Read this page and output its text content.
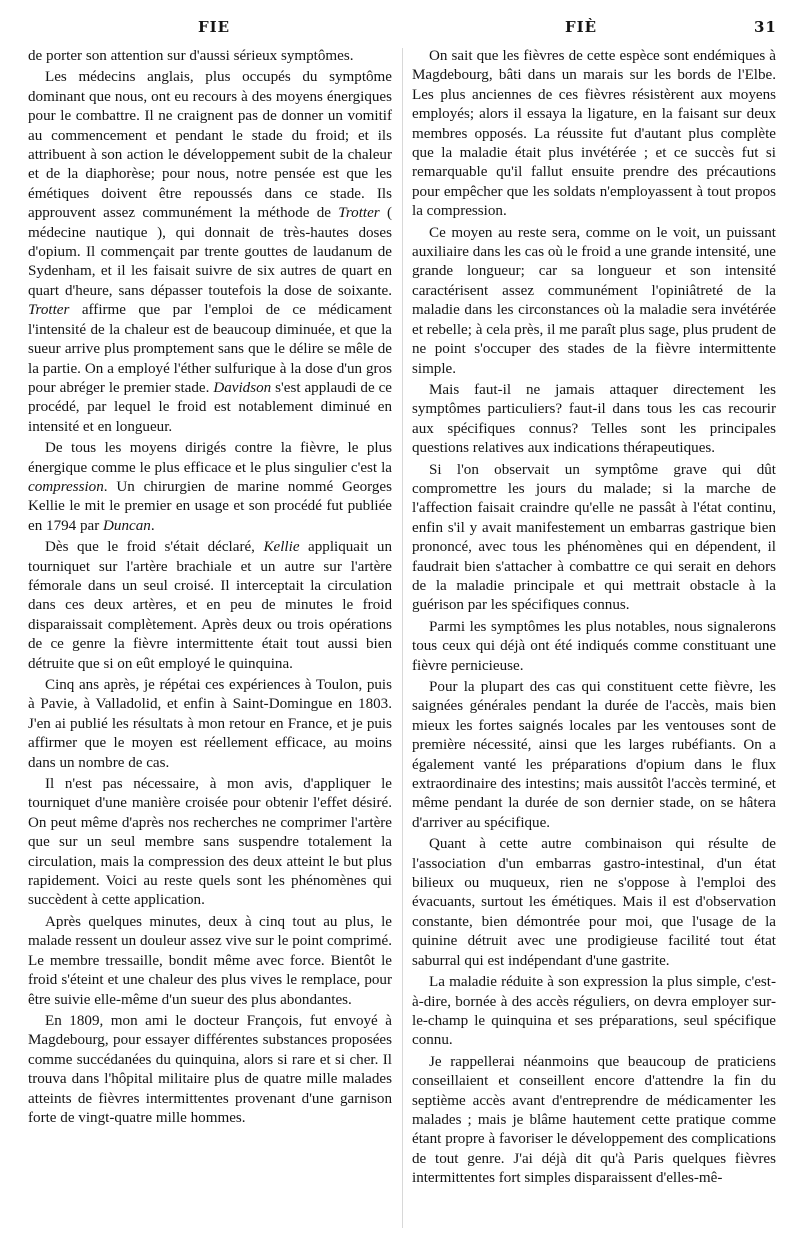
FIE	FIÈ	31

de porter son attention sur d'aussi sérieux symptômes.

Les médecins anglais, plus occupés du symptôme dominant que nous, ont eu recours à des moyens énergiques pour le combattre. Il ne craignent pas de donner un vomitif au commencement et pendant le stade du froid; et ils attribuent à son action le développement subit de la chaleur et de la diaphorèse; pour nous, notre pensée est que les émétiques doivent être repoussés dans ce stade. Ils approuvent assez communément la méthode de Trotter ( médecine nautique ), qui donnait de très-hautes doses d'opium. Il commençait par trente gouttes de laudanum de Sydenham, et il les faisait suivre de six autres de quart en quart d'heure, sans dépasser toutefois la dose de soixante. Trotter affirme que par l'emploi de ce médicament l'intensité de la chaleur est de beaucoup diminuée, et que la sueur arrive plus promptement sans que le délire se mêle de la partie. On a employé l'éther sulfurique à la dose d'un gros pour abréger le premier stade. Davidson s'est applaudi de ce procédé, par lequel le froid est notablement diminué en intensité et en longueur.

De tous les moyens dirigés contre la fièvre, le plus énergique comme le plus efficace et le plus singulier c'est la compression. Un chirurgien de marine nommé Georges Kellie le mit le premier en usage et son procédé fut publiée en 1794 par Duncan.

Dès que le froid s'était déclaré, Kellie appliquait un tourniquet sur l'artère brachiale et un autre sur l'artère fémorale dans un seul croisé. Il interceptait la circulation dans ces deux artères, et en peu de minutes le froid disparaissait complètement. Après deux ou trois opérations de ce genre la fièvre intermittente était tout aussi bien détruite que si on eût employé le quinquina.

Cinq ans après, je répétai ces expériences à Toulon, puis à Pavie, à Valladolid, et enfin à Saint-Domingue en 1803. J'en ai publié les résultats à mon retour en France, et je puis affirmer que le moyen est réellement efficace, au moins dans un nombre de cas.

Il n'est pas nécessaire, à mon avis, d'appliquer le tourniquet d'une manière croisée pour obtenir l'effet désiré. On peut même d'après nos recherches ne comprimer l'artère que sur un seul membre sans suspendre totalement la circulation, mais la compression des deux atteint le but plus rapidement. Voici au reste quels sont les phénomènes qui succèdent à cette application.

Après quelques minutes, deux à cinq tout au plus, le malade ressent un douleur assez vive sur le point comprimé. Le membre tressaille, bondit même avec force. Bientôt le froid s'éteint et une chaleur des plus vives le remplace, pour être suivie elle-même d'un sueur des plus abondantes.

En 1809, mon ami le docteur François, fut envoyé à Magdebourg, pour essayer différentes substances proposées comme succédanées du quinquina, alors si rare et si cher. Il trouva dans l'hôpital militaire plus de quatre mille malades atteints de fièvres intermittentes provenant d'une garnison forte de vingt-quatre mille hommes.

On sait que les fièvres de cette espèce sont endémiques à Magdebourg, bâti dans un marais sur les bords de l'Elbe. Les plus anciennes de ces fièvres résistèrent aux moyens employés; alors il essaya la ligature, en la faisant sur deux membres opposés. La réussite fut d'autant plus complète que la maladie était plus invétérée ; et ce succès fut si remarquable qu'il fallut ensuite prendre des précautions pour empêcher que les soldats n'employassent à tout propos la compression.

Ce moyen au reste sera, comme on le voit, un puissant auxiliaire dans les cas où le froid a une grande intensité, une grande longueur; car sa longueur et son intensité caractérisent assez communément l'opiniâtreté de la maladie dans les circonstances où la maladie sera invétérée et rebelle; à cela près, il me paraît plus sage, plus prudent de ne point s'occuper des stades de la fièvre intermittente simple.

Mais faut-il ne jamais attaquer directement les symptômes particuliers? faut-il dans tous les cas recourir aux spécifiques connus? Telles sont les principales questions relatives aux indications thérapeutiques.

Si l'on observait un symptôme grave qui dût compromettre les jours du malade; si la marche de l'affection faisait craindre qu'elle ne passât à l'état continu, enfin s'il y avait manifestement un embarras gastrique bien prononcé, avec tous les phénomènes qui en dépendent, il faudrait bien s'attacher à combattre ce qui serait en dehors de la maladie principale et qui mettrait obstacle à la guérison par les spécifiques connus.

Parmi les symptômes les plus notables, nous signalerons tous ceux qui déjà ont été indiqués comme constituant une fièvre pernicieuse.

Pour la plupart des cas qui constituent cette fièvre, les saignées générales pendant la durée de l'accès, mais bien mieux les fortes saignés locales par les ventouses sont de première nécessité, ainsi que les larges rubéfiants. On a également vanté les préparations d'opium dans le flux extraordinaire des intestins; mais aussitôt l'accès terminé, et même pendant la durée de son dernier stade, on se hâtera d'arriver au spécifique.

Quant à cette autre combinaison qui résulte de l'association d'un embarras gastro-intestinal, d'un état bilieux ou muqueux, rien ne s'oppose à l'emploi des évacuants, surtout les émétiques. Mais il est d'observation constante, bien démontrée pour moi, que l'usage de la quinine détruit avec une prodigieuse facilité tout état saburral qui est indépendant d'une gastrite.

La maladie réduite à son expression la plus simple, c'est-à-dire, bornée à des accès réguliers, on devra employer sur-le-champ le quinquina et ses préparations, seul spécifique connu.

Je rappellerai néanmoins que beaucoup de praticiens conseillaient et conseillent encore d'attendre la fin du septième accès avant d'entreprendre de médicamenter les malades ; mais je blâme hautement cette pratique comme étant propre à favoriser le développement des complications de tout genre. J'ai déjà dit qu'à Paris quelques fièvres intermittentes fort simples disparaissent d'elles-mê-
